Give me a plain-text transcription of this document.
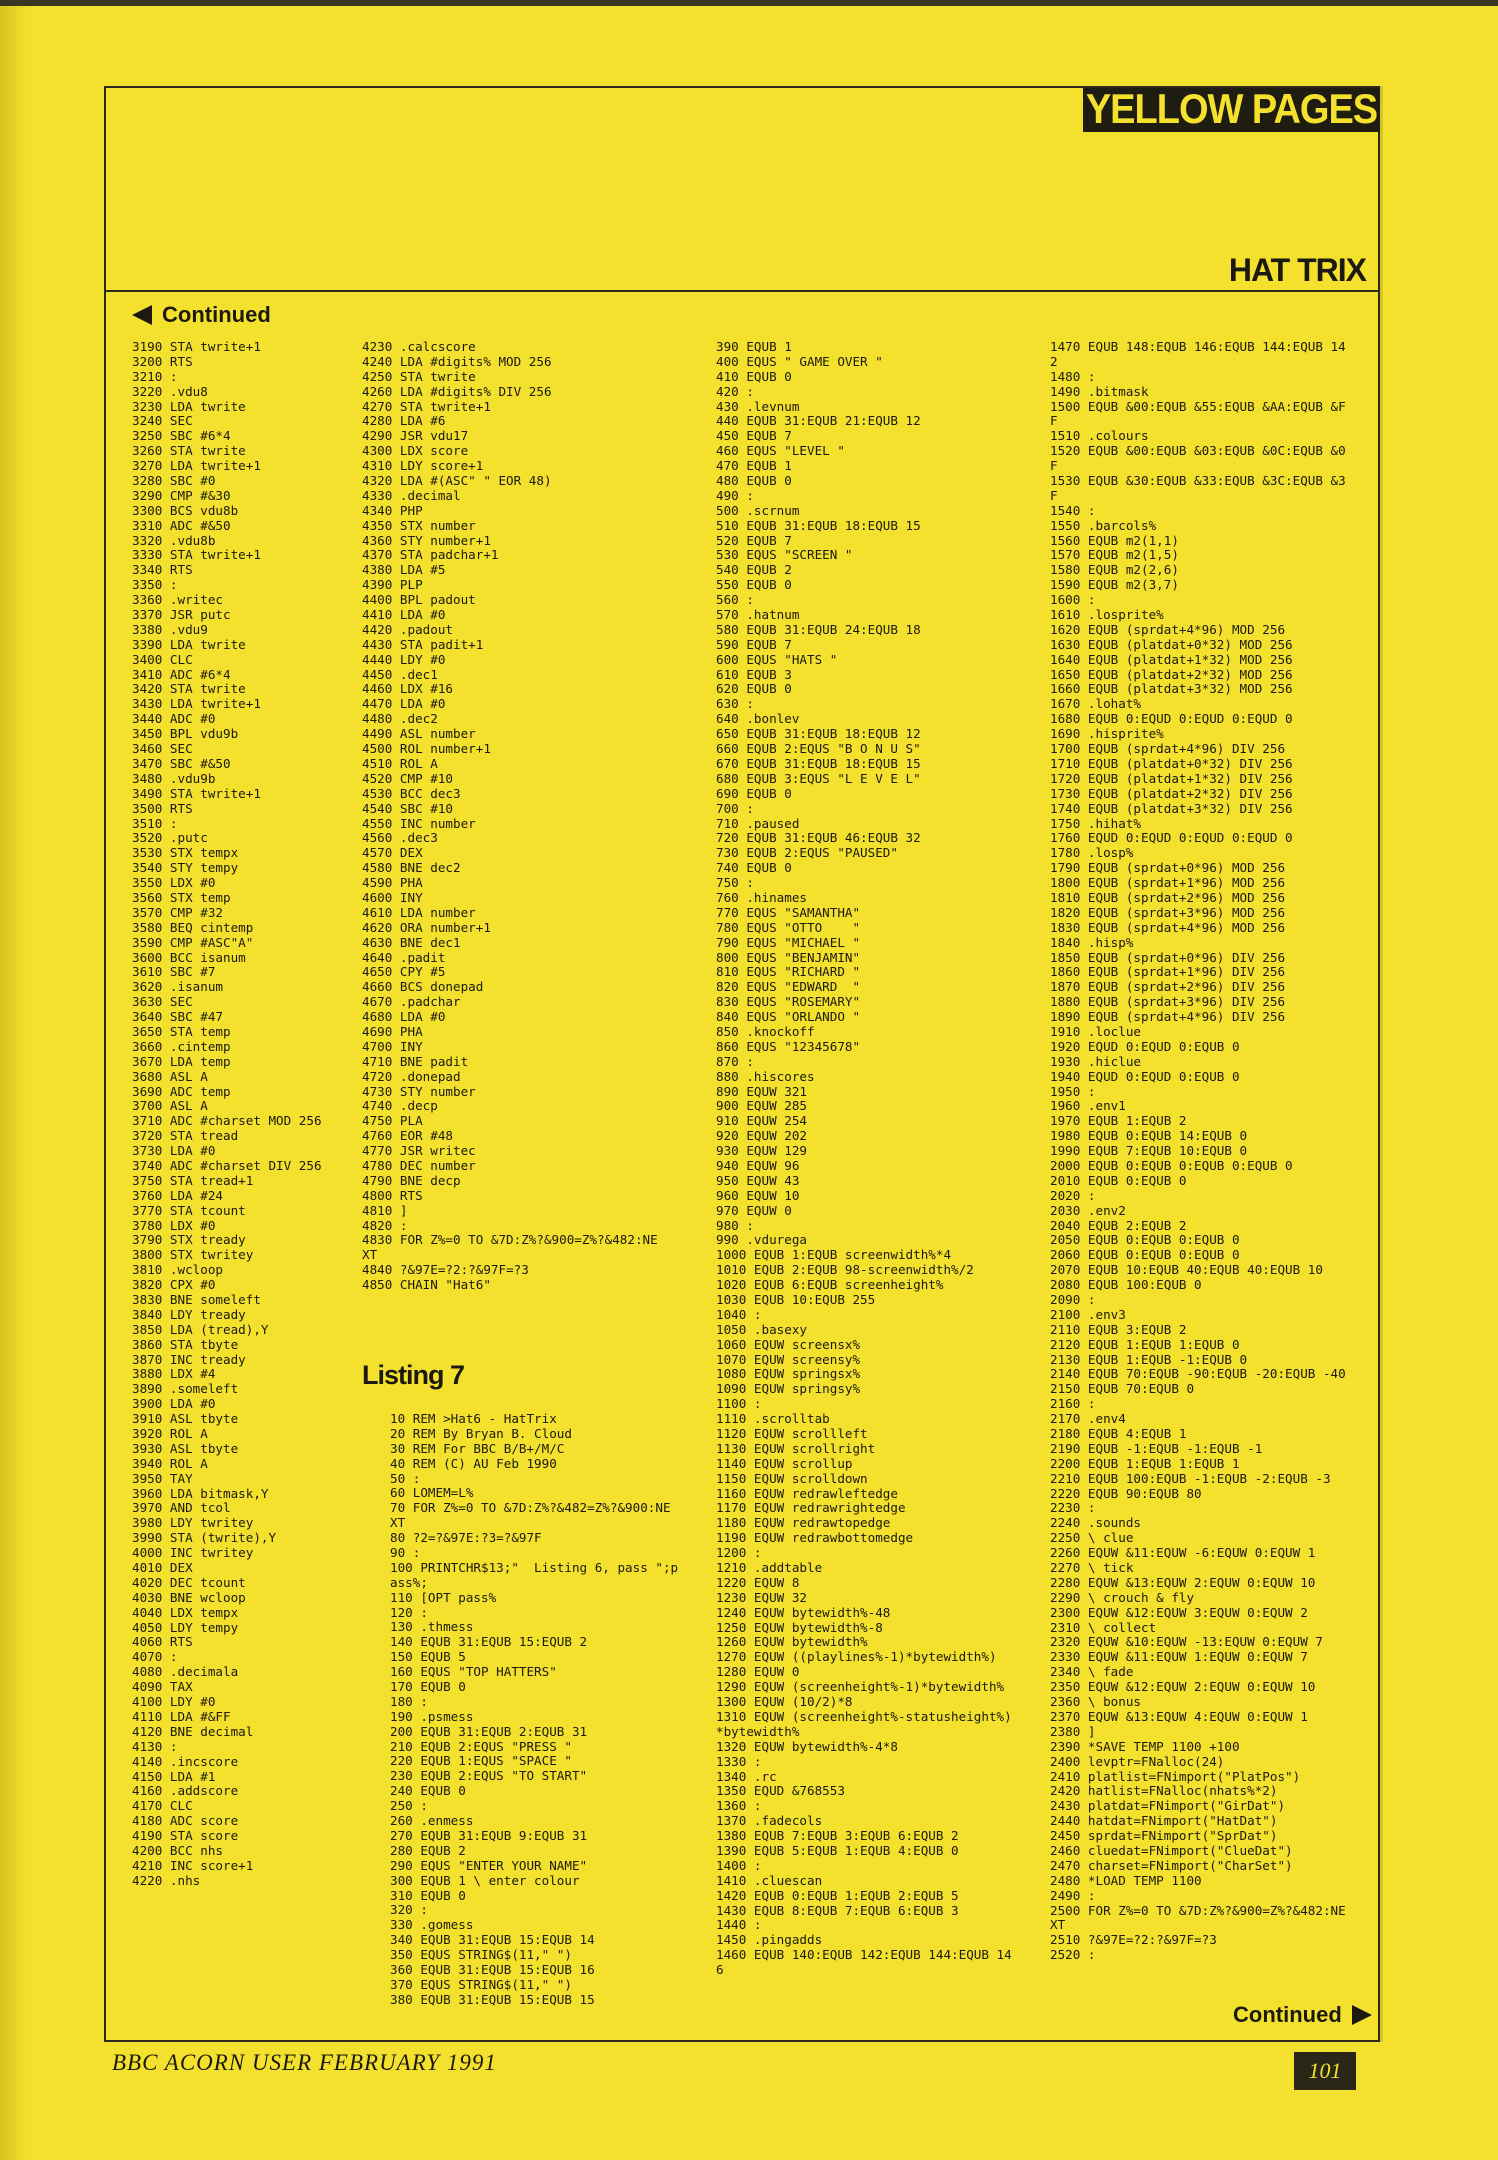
YELLOW PAGES
HAT TRIX
Continued
3190 STA twrite+1
3200 RTS
3210 :
3220 .vdu8
3230 LDA twrite
3240 SEC
3250 SBC #6*4
3260 STA twrite
3270 LDA twrite+1
3280 SBC #0
3290 CMP #&30
3300 BCS vdu8b
3310 ADC #&50
3320 .vdu8b
3330 STA twrite+1
3340 RTS
3350 :
3360 .writec
3370 JSR putc
3380 .vdu9
3390 LDA twrite
3400 CLC
3410 ADC #6*4
3420 STA twrite
3430 LDA twrite+1
3440 ADC #0
3450 BPL vdu9b
3460 SEC
3470 SBC #&50
3480 .vdu9b
3490 STA twrite+1
3500 RTS
3510 :
3520 .putc
3530 STX tempx
3540 STY tempy
3550 LDX #0
3560 STX temp
3570 CMP #32
3580 BEQ cintemp
3590 CMP #ASC"A"
3600 BCC isanum
3610 SBC #7
3620 .isanum
3630 SEC
3640 SBC #47
3650 STA temp
3660 .cintemp
3670 LDA temp
3680 ASL A
3690 ADC temp
3700 ASL A
3710 ADC #charset MOD 256
3720 STA tread
3730 LDA #0
3740 ADC #charset DIV 256
3750 STA tread+1
3760 LDA #24
3770 STA tcount
3780 LDX #0
3790 STX tready
3800 STX twritey
3810 .wcloop
3820 CPX #0
3830 BNE someleft
3840 LDY tready
3850 LDA (tread),Y
3860 STA tbyte
3870 INC tready
3880 LDX #4
3890 .someleft
3900 LDA #0
3910 ASL tbyte
3920 ROL A
3930 ASL tbyte
3940 ROL A
3950 TAY
3960 LDA bitmask,Y
3970 AND tcol
3980 LDY twritey
3990 STA (twrite),Y
4000 INC twritey
4010 DEX
4020 DEC tcount
4030 BNE wcloop
4040 LDX tempx
4050 LDY tempy
4060 RTS
4070 :
4080 .decimala
4090 TAX
4100 LDY #0
4110 LDA #&FF
4120 BNE decimal
4130 :
4140 .incscore
4150 LDA #1
4160 .addscore
4170 CLC
4180 ADC score
4190 STA score
4200 BCC nhs
4210 INC score+1
4220 .nhs
4230 .calcscore
4240 LDA #digits% MOD 256
4250 STA twrite
4260 LDA #digits% DIV 256
4270 STA twrite+1
4280 LDA #6
4290 JSR vdu17
4300 LDX score
4310 LDY score+1
4320 LDA #(ASC" " EOR 48)
4330 .decimal
4340 PHP
4350 STX number
4360 STY number+1
4370 STA padchar+1
4380 LDA #5
4390 PLP
4400 BPL padout
4410 LDA #0
4420 .padout
4430 STA padit+1
4440 LDY #0
4450 .dec1
4460 LDX #16
4470 LDA #0
4480 .dec2
4490 ASL number
4500 ROL number+1
4510 ROL A
4520 CMP #10
4530 BCC dec3
4540 SBC #10
4550 INC number
4560 .dec3
4570 DEX
4580 BNE dec2
4590 PHA
4600 INY
4610 LDA number
4620 ORA number+1
4630 BNE dec1
4640 .padit
4650 CPY #5
4660 BCS donepad
4670 .padchar
4680 LDA #0
4690 PHA
4700 INY
4710 BNE padit
4720 .donepad
4730 STY number
4740 .decp
4750 PLA
4760 EOR #48
4770 JSR writec
4780 DEC number
4790 BNE decp
4800 RTS
4810 ]
4820 :
4830 FOR Z%=0 TO &7D:Z%?&900=Z%?&482:NE
XT
4840 ?&97E=?2:?&97F=?3
4850 CHAIN "Hat6"
Listing 7
10 REM >Hat6 - HatTrix
20 REM By Bryan B. Cloud
30 REM For BBC B/B+/M/C
40 REM (C) AU Feb 1990
50 :
60 LOMEM=L%
70 FOR Z%=0 TO &7D:Z%?&482=Z%?&900:NE
XT
80 ?2=?&97E:?3=?&97F
90 :
100 PRINTCHR$13;"  Listing 6, pass ";p
ass%;
110 [OPT pass%
120 :
130 .thmess
140 EQUB 31:EQUB 15:EQUB 2
150 EQUB 5
160 EQUS "TOP HATTERS"
170 EQUB 0
180 :
190 .psmess
200 EQUB 31:EQUB 2:EQUB 31
210 EQUB 2:EQUS "PRESS "
220 EQUB 1:EQUS "SPACE "
230 EQUB 2:EQUS "TO START"
240 EQUB 0
250 :
260 .enmess
270 EQUB 31:EQUB 9:EQUB 31
280 EQUB 2
290 EQUS "ENTER YOUR NAME"
300 EQUB 1 \ enter colour
310 EQUB 0
320 :
330 .gomess
340 EQUB 31:EQUB 15:EQUB 14
350 EQUS STRING$(11," ")
360 EQUB 31:EQUB 15:EQUB 16
370 EQUS STRING$(11," ")
380 EQUB 31:EQUB 15:EQUB 15
390 EQUB 1
400 EQUS " GAME OVER "
410 EQUB 0
420 :
430 .levnum
440 EQUB 31:EQUB 21:EQUB 12
450 EQUB 7
460 EQUS "LEVEL "
470 EQUB 1
480 EQUB 0
490 :
500 .scrnum
510 EQUB 31:EQUB 18:EQUB 15
520 EQUB 7
530 EQUS "SCREEN "
540 EQUB 2
550 EQUB 0
560 :
570 .hatnum
580 EQUB 31:EQUB 24:EQUB 18
590 EQUB 7
600 EQUS "HATS "
610 EQUB 3
620 EQUB 0
630 :
640 .bonlev
650 EQUB 31:EQUB 18:EQUB 12
660 EQUB 2:EQUS "B O N U S"
670 EQUB 31:EQUB 18:EQUB 15
680 EQUB 3:EQUS "L E V E L"
690 EQUB 0
700 :
710 .paused
720 EQUB 31:EQUB 46:EQUB 32
730 EQUB 2:EQUS "PAUSED"
740 EQUB 0
750 :
760 .hinames
770 EQUS "SAMANTHA"
780 EQUS "OTTO    "
790 EQUS "MICHAEL "
800 EQUS "BENJAMIN"
810 EQUS "RICHARD "
820 EQUS "EDWARD  "
830 EQUS "ROSEMARY"
840 EQUS "ORLANDO "
850 .knockoff
860 EQUS "12345678"
870 :
880 .hiscores
890 EQUW 321
900 EQUW 285
910 EQUW 254
920 EQUW 202
930 EQUW 129
940 EQUW 96
950 EQUW 43
960 EQUW 10
970 EQUW 0
980 :
990 .vdurega
1000 EQUB 1:EQUB screenwidth%*4
1010 EQUB 2:EQUB 98-screenwidth%/2
1020 EQUB 6:EQUB screenheight%
1030 EQUB 10:EQUB 255
1040 :
1050 .basexy
1060 EQUW screensx%
1070 EQUW screensy%
1080 EQUW springsx%
1090 EQUW springsy%
1100 :
1110 .scrolltab
1120 EQUW scrollleft
1130 EQUW scrollright
1140 EQUW scrollup
1150 EQUW scrolldown
1160 EQUW redrawleftedge
1170 EQUW redrawrightedge
1180 EQUW redrawtopedge
1190 EQUW redrawbottomedge
1200 :
1210 .addtable
1220 EQUW 8
1230 EQUW 32
1240 EQUW bytewidth%-48
1250 EQUW bytewidth%-8
1260 EQUW bytewidth%
1270 EQUW ((playlines%-1)*bytewidth%)
1280 EQUW 0
1290 EQUW (screenheight%-1)*bytewidth%
1300 EQUW (10/2)*8
1310 EQUW (screenheight%-statusheight%)
*bytewidth%
1320 EQUW bytewidth%-4*8
1330 :
1340 .rc
1350 EQUD &768553
1360 :
1370 .fadecols
1380 EQUB 7:EQUB 3:EQUB 6:EQUB 2
1390 EQUB 5:EQUB 1:EQUB 4:EQUB 0
1400 :
1410 .cluescan
1420 EQUB 0:EQUB 1:EQUB 2:EQUB 5
1430 EQUB 8:EQUB 7:EQUB 6:EQUB 3
1440 :
1450 .pingadds
1460 EQUB 140:EQUB 142:EQUB 144:EQUB 14
6
1470 EQUB 148:EQUB 146:EQUB 144:EQUB 14
2
1480 :
1490 .bitmask
1500 EQUB &00:EQUB &55:EQUB &AA:EQUB &F
F
1510 .colours
1520 EQUB &00:EQUB &03:EQUB &0C:EQUB &0
F
1530 EQUB &30:EQUB &33:EQUB &3C:EQUB &3
F
1540 :
1550 .barcols%
1560 EQUB m2(1,1)
1570 EQUB m2(1,5)
1580 EQUB m2(2,6)
1590 EQUB m2(3,7)
1600 :
1610 .losprite%
1620 EQUB (sprdat+4*96) MOD 256
1630 EQUB (platdat+0*32) MOD 256
1640 EQUB (platdat+1*32) MOD 256
1650 EQUB (platdat+2*32) MOD 256
1660 EQUB (platdat+3*32) MOD 256
1670 .lohat%
1680 EQUB 0:EQUD 0:EQUD 0:EQUD 0
1690 .hisprite%
1700 EQUB (sprdat+4*96) DIV 256
1710 EQUB (platdat+0*32) DIV 256
1720 EQUB (platdat+1*32) DIV 256
1730 EQUB (platdat+2*32) DIV 256
1740 EQUB (platdat+3*32) DIV 256
1750 .hihat%
1760 EQUD 0:EQUD 0:EQUD 0:EQUD 0
1780 .losp%
1790 EQUB (sprdat+0*96) MOD 256
1800 EQUB (sprdat+1*96) MOD 256
1810 EQUB (sprdat+2*96) MOD 256
1820 EQUB (sprdat+3*96) MOD 256
1830 EQUB (sprdat+4*96) MOD 256
1840 .hisp%
1850 EQUB (sprdat+0*96) DIV 256
1860 EQUB (sprdat+1*96) DIV 256
1870 EQUB (sprdat+2*96) DIV 256
1880 EQUB (sprdat+3*96) DIV 256
1890 EQUB (sprdat+4*96) DIV 256
1910 .loclue
1920 EQUD 0:EQUD 0:EQUB 0
1930 .hiclue
1940 EQUD 0:EQUD 0:EQUB 0
1950 :
1960 .env1
1970 EQUB 1:EQUB 2
1980 EQUB 0:EQUB 14:EQUB 0
1990 EQUB 7:EQUB 10:EQUB 0
2000 EQUB 0:EQUB 0:EQUB 0:EQUB 0
2010 EQUB 0:EQUB 0
2020 :
2030 .env2
2040 EQUB 2:EQUB 2
2050 EQUB 0:EQUB 0:EQUB 0
2060 EQUB 0:EQUB 0:EQUB 0
2070 EQUB 10:EQUB 40:EQUB 40:EQUB 10
2080 EQUB 100:EQUB 0
2090 :
2100 .env3
2110 EQUB 3:EQUB 2
2120 EQUB 1:EQUB 1:EQUB 0
2130 EQUB 1:EQUB -1:EQUB 0
2140 EQUB 70:EQUB -90:EQUB -20:EQUB -40
2150 EQUB 70:EQUB 0
2160 :
2170 .env4
2180 EQUB 4:EQUB 1
2190 EQUB -1:EQUB -1:EQUB -1
2200 EQUB 1:EQUB 1:EQUB 1
2210 EQUB 100:EQUB -1:EQUB -2:EQUB -3
2220 EQUB 90:EQUB 80
2230 :
2240 .sounds
2250 \ clue
2260 EQUW &11:EQUW -6:EQUW 0:EQUW 1
2270 \ tick
2280 EQUW &13:EQUW 2:EQUW 0:EQUW 10
2290 \ crouch & fly
2300 EQUW &12:EQUW 3:EQUW 0:EQUW 2
2310 \ collect
2320 EQUW &10:EQUW -13:EQUW 0:EQUW 7
2330 EQUW &11:EQUW 1:EQUW 0:EQUW 7
2340 \ fade
2350 EQUW &12:EQUW 2:EQUW 0:EQUW 10
2360 \ bonus
2370 EQUW &13:EQUW 4:EQUW 0:EQUW 1
2380 ]
2390 *SAVE TEMP 1100 +100
2400 levptr=FNalloc(24)
2410 platlist=FNimport("PlatPos")
2420 hatlist=FNalloc(nhats%*2)
2430 platdat=FNimport("GirDat")
2440 hatdat=FNimport("HatDat")
2450 sprdat=FNimport("SprDat")
2460 cluedat=FNimport("ClueDat")
2470 charset=FNimport("CharSet")
2480 *LOAD TEMP 1100
2490 :
2500 FOR Z%=0 TO &7D:Z%?&900=Z%?&482:NE
XT
2510 ?&97E=?2:?&97F=?3
2520 :
Continued
BBC ACORN USER FEBRUARY 1991	101
